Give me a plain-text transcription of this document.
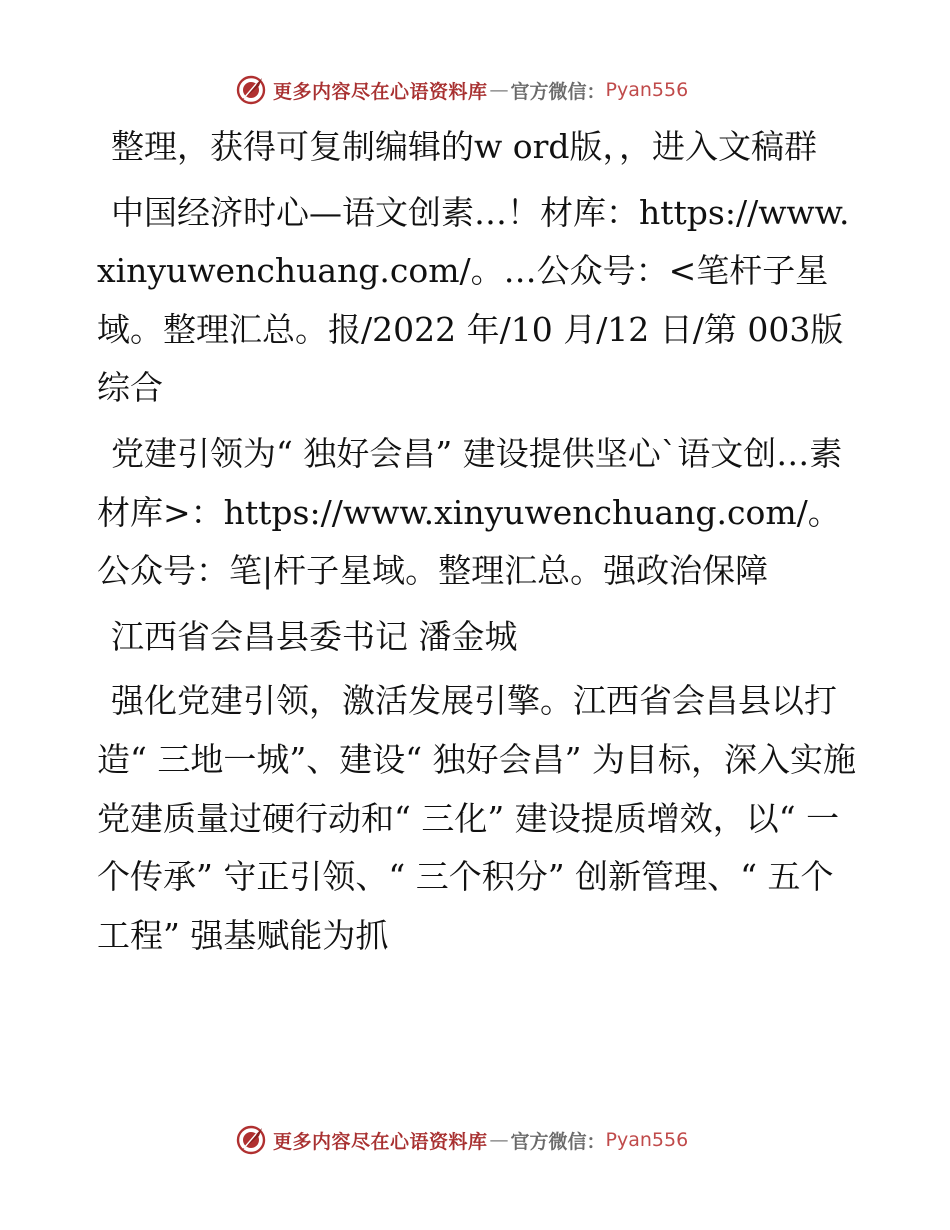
更多内容尽在心语资料库 — 官方微信： Pyan556

整理，获得可复制编辑的w ord版，，进入文稿群

中国经济时心—语文创素…！材库：https://www.xinyuwenchuang.com/。…公众号：<笔杆子星域。整理汇总。报/2022 年/10 月/12 日/第 003版综合

党建引领为“ 独好会昌” 建设提供坚心`语文创…素材库>：https://www.xinyuwenchuang.com/。公众号：笔|杆子星域。整理汇总。强政治保障

江西省会昌县委书记 潘金城

强化党建引领，激活发展引擎。江西省会昌县以打造“ 三地一城”、建设“ 独好会昌” 为目标，深入实施党建质量过硬行动和“ 三化” 建设提质增效，以“ 一个传承” 守正引领、“ 三个积分” 创新管理、“ 五个工程” 强基赋能为抓

更多内容尽在心语资料库 — 官方微信： Pyan556
